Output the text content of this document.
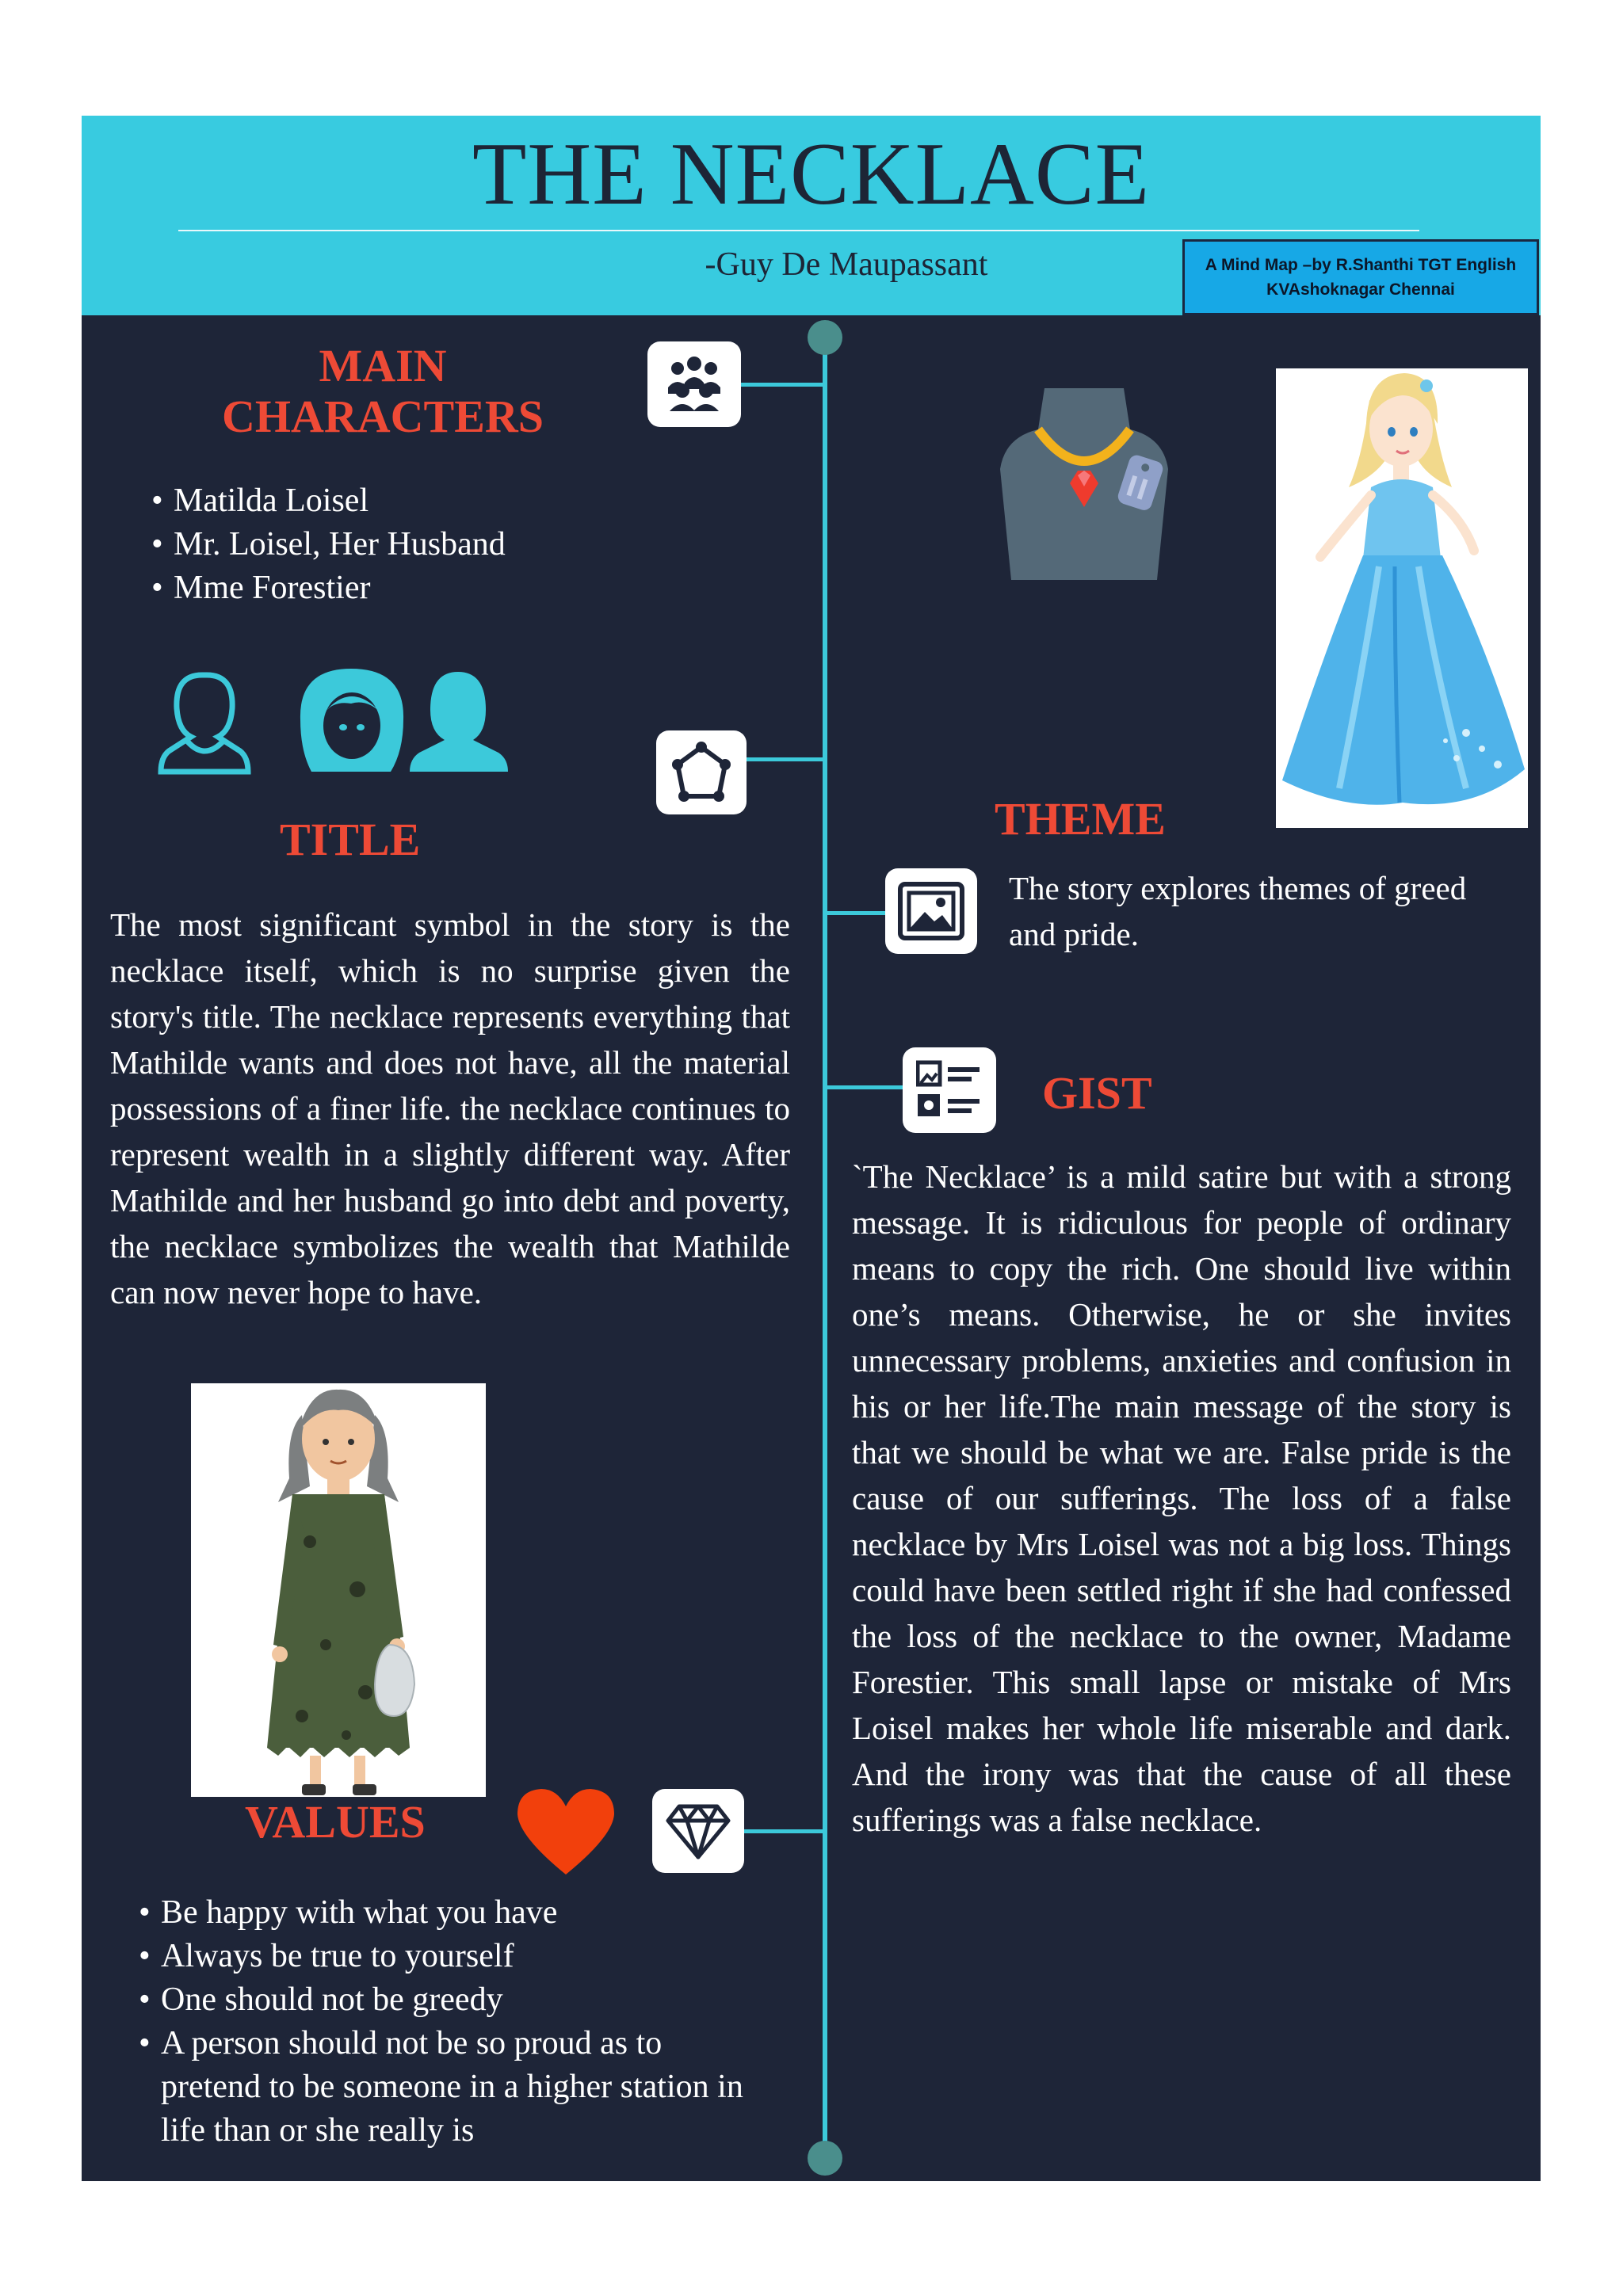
THE NECKLACE
-Guy De Maupassant	A Mind Map –by R.Shanthi TGT English
KVAshoknagar Chennai
MAIN
CHARACTERS
• Matilda Loisel
• Mr. Loisel, Her Husband
• Mme Forestier
TITLE
The most significant symbol in the story is the necklace itself, which is no surprise given the story's title. The necklace represents everything that Mathilde wants and does not have, all the material possessions of a finer life. the necklace continues to represent wealth in a slightly different way. After Mathilde and her husband go into debt and poverty, the necklace symbolizes the wealth that Mathilde can now never hope to have.
VALUES
• Be happy with what you have
• Always be true to yourself
• One should not be greedy
• A person should not be so proud as to pretend to be someone in a higher station in life than or she really is
THEME
The story explores themes of greed and pride.
GIST
`The Necklace’ is a mild satire but with a strong message. It is ridiculous for people of ordinary means to copy the rich. One should live within one’s means. Otherwise, he or she invites unnecessary problems, anxieties and confusion in his or her life.The main message of the story is that we should be what we are. False pride is the cause of our sufferings. The loss of a false necklace by Mrs Loisel was not a big loss. Things could have been settled right if she had confessed the loss of the necklace to the owner, Madame Forestier. This small lapse or mistake of Mrs Loisel makes her whole life miserable and dark. And the irony was that the cause of all these sufferings was a false necklace.
